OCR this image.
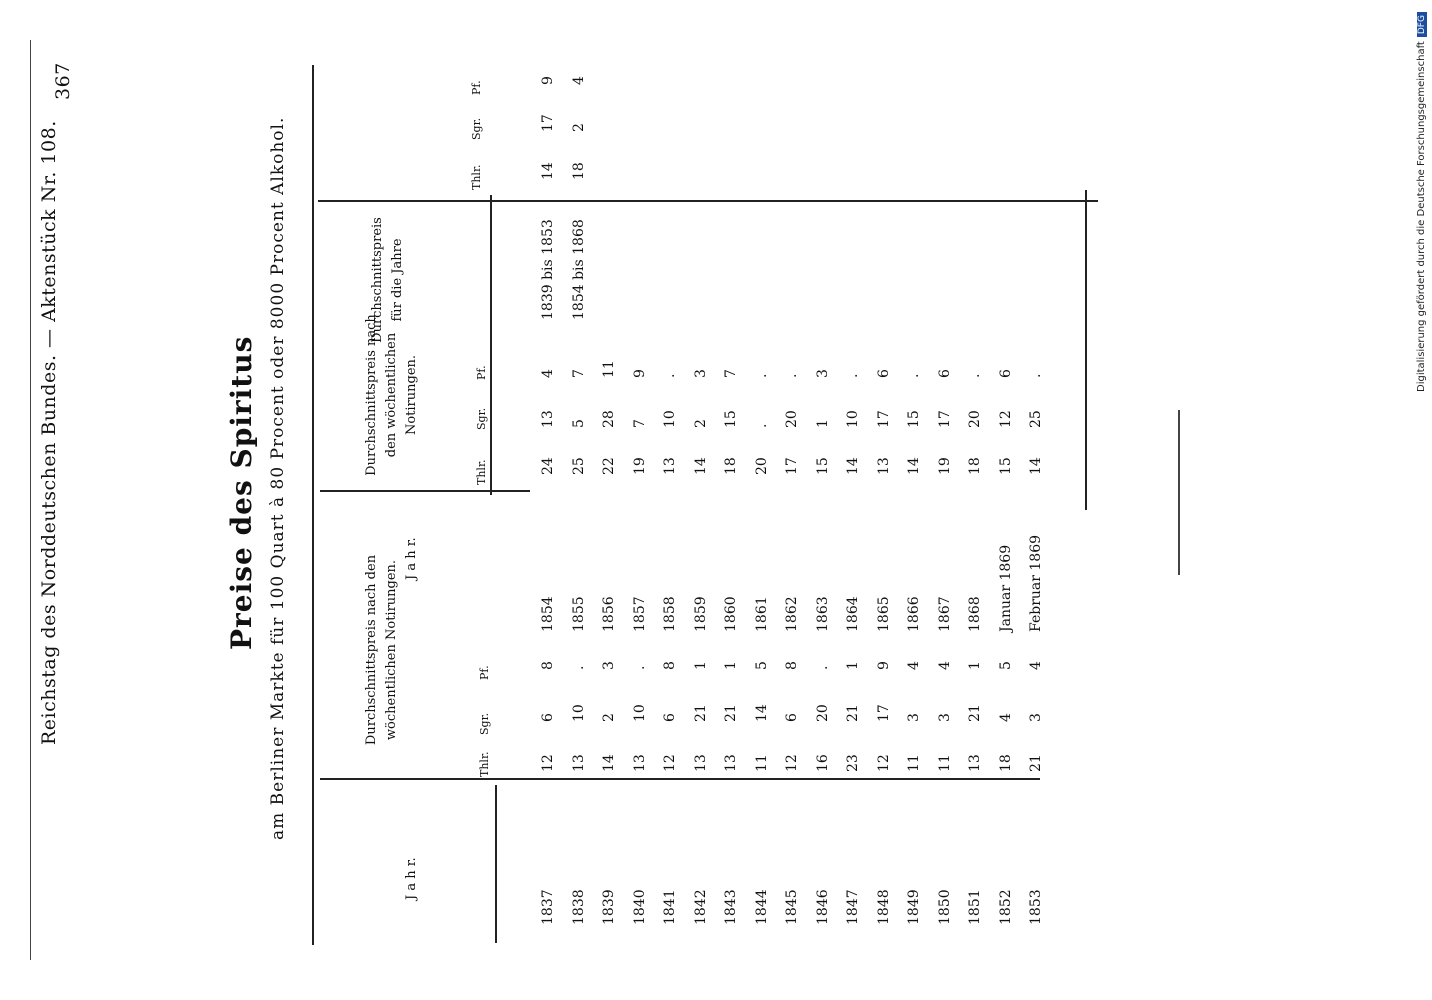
Reichstag des Norddeutschen Bundes. — Aktenstück Nr. 108.
367
Preise des Spiritus am Berliner Markte für 100 Quart à 80 Procent oder 8000 Procent Alkohol.	Digitalisierung gefördert durch die Deutsche ForschungsgemeinschaftDFG
J a h r.
J a h r.
Durchschnittspreis nach den wöchentlichen Notirungen.
Durchschnittspreis nach den wöchentlichen Notirungen.
Durchschnittspreis für die Jahre
Thlr.
Sgr.
Pf.
Thlr.
Sgr.
Pf.
Thlr.
Sgr.
Pf.
1837
12
6
8
1838
13
10
.
1839
14
2
3
1840
13
10
.
1841
12
6
8
1842
13
21
1
1843
13
21
1
1844
11
14
5
1845
12
6
8
1846
16
20
.
1847
23
21
1
1848
12
17
9
1849
11
3
4
1850
11
3
4
1851
13
21
1
1852
18
4
5
1853
21
3
4
1854
24
13
4
1855
25
5
7
1856
22
28
11
1857
19
7
9
1858
13
10
.
1859
14
2
3
1860
18
15
7
1861
20
.
.
1862
17
20
.
1863
15
1
3
1864
14
10
.
1865
13
17
6
1866
14
15
.
1867
19
17
6
1868
18
20
.
Januar 1869
15
12
6
Februar 1869
14
25
.
1839 bis 1853
14
17
9
1854 bis 1868
18
2
4
